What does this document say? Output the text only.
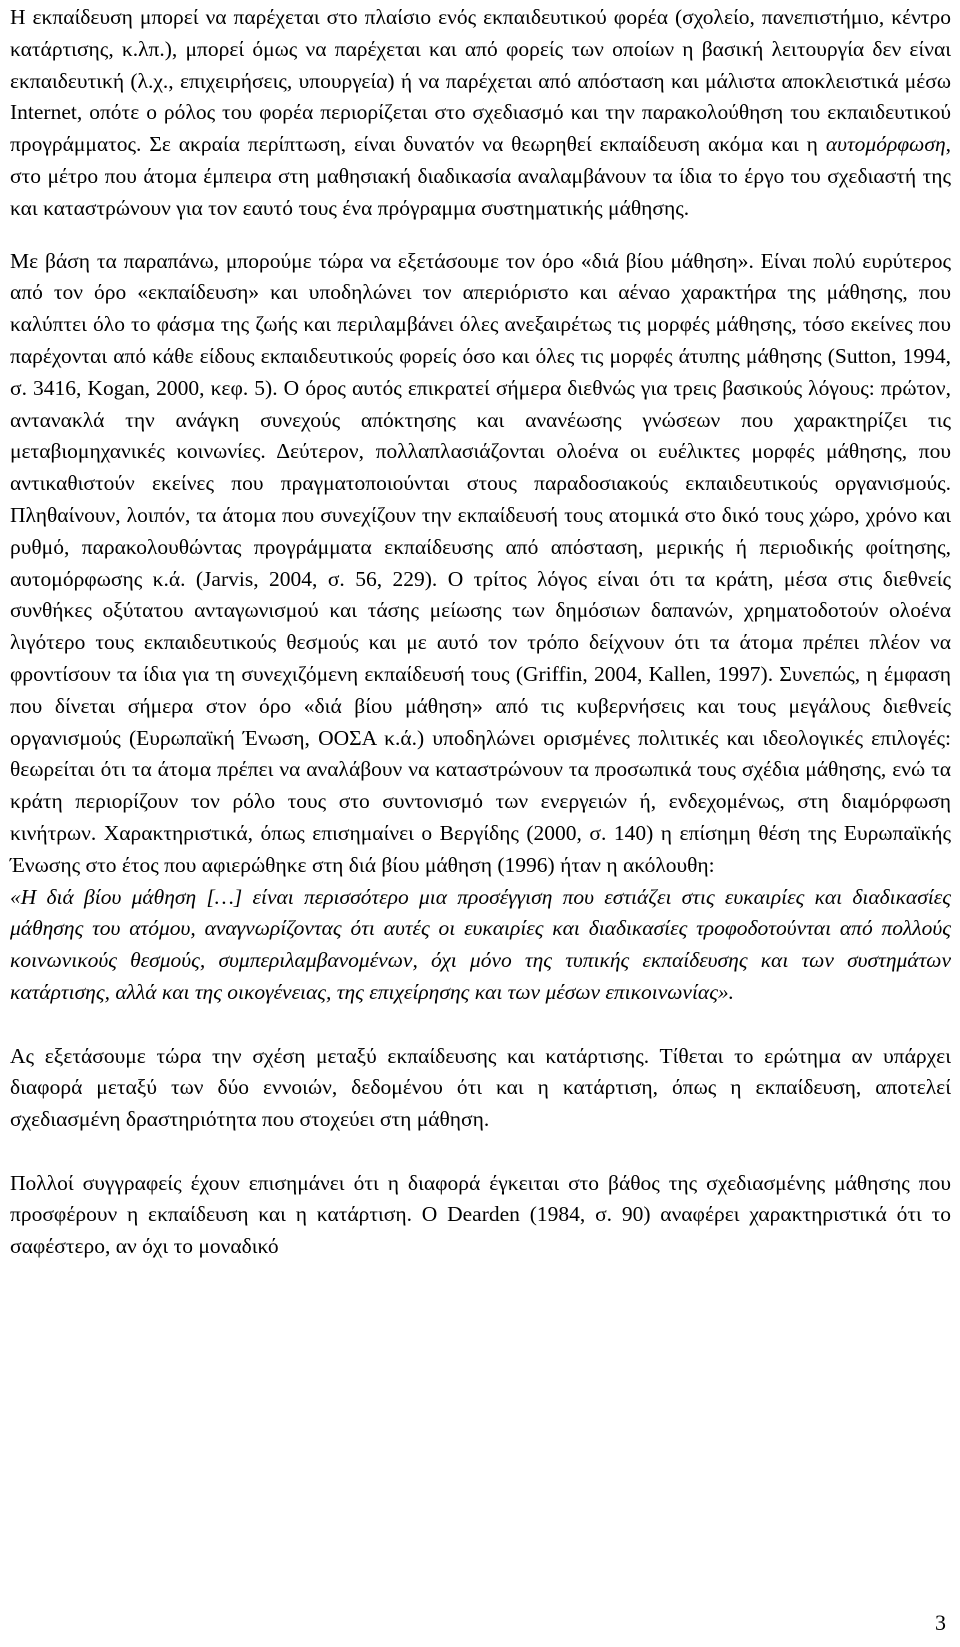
Η εκπαίδευση μπορεί να παρέχεται στο πλαίσιο ενός εκπαιδευτικού φορέα (σχολείο, πανεπιστήμιο, κέντρο κατάρτισης, κ.λπ.), μπορεί όμως να παρέχεται και από φορείς των οποίων η βασική λειτουργία δεν είναι εκπαιδευτική (λ.χ., επιχειρήσεις, υπουργεία) ή να παρέχεται από απόσταση και μάλιστα αποκλειστικά μέσω Internet, οπότε ο ρόλος του φορέα περιορίζεται στο σχεδιασμό και την παρακολούθηση του εκπαιδευτικού προγράμματος. Σε ακραία περίπτωση, είναι δυνατόν να θεωρηθεί εκπαίδευση ακόμα και η αυτομόρφωση, στο μέτρο που άτομα έμπειρα στη μαθησιακή διαδικασία αναλαμβάνουν τα ίδια το έργο του σχεδιαστή της και καταστρώνουν για τον εαυτό τους ένα πρόγραμμα συστηματικής μάθησης.

Με βάση τα παραπάνω, μπορούμε τώρα να εξετάσουμε τον όρο «διά βίου μάθηση». Είναι πολύ ευρύτερος από τον όρο «εκπαίδευση» και υποδηλώνει τον απεριόριστο και αέναο χαρακτήρα της μάθησης, που καλύπτει όλο το φάσμα της ζωής και περιλαμβάνει όλες ανεξαιρέτως τις μορφές μάθησης, τόσο εκείνες που παρέχονται από κάθε είδους εκπαιδευτικούς φορείς όσο και όλες τις μορφές άτυπης μάθησης (Sutton, 1994, σ. 3416, Kogan, 2000, κεφ. 5). Ο όρος αυτός επικρατεί σήμερα διεθνώς για τρεις βασικούς λόγους: πρώτον, αντανακλά την ανάγκη συνεχούς απόκτησης και ανανέωσης γνώσεων που χαρακτηρίζει τις μεταβιομηχανικές κοινωνίες. Δεύτερον, πολλαπλασιάζονται ολοένα οι ευέλικτες μορφές μάθησης, που αντικαθιστούν εκείνες που πραγματοποιούνται στους παραδοσιακούς εκπαιδευτικούς οργανισμούς. Πληθαίνουν, λοιπόν, τα άτομα που συνεχίζουν την εκπαίδευσή τους ατομικά στο δικό τους χώρο, χρόνο και ρυθμό, παρακολουθώντας προγράμματα εκπαίδευσης από απόσταση, μερικής ή περιοδικής φοίτησης, αυτομόρφωσης κ.ά. (Jarvis, 2004, σ. 56, 229). Ο τρίτος λόγος είναι ότι τα κράτη, μέσα στις διεθνείς συνθήκες οξύτατου ανταγωνισμού και τάσης μείωσης των δημόσιων δαπανών, χρηματοδοτούν ολοένα λιγότερο τους εκπαιδευτικούς θεσμούς και με αυτό τον τρόπο δείχνουν ότι τα άτομα πρέπει πλέον να φροντίσουν τα ίδια για τη συνεχιζόμενη εκπαίδευσή τους (Griffin, 2004, Kallen, 1997). Συνεπώς, η έμφαση που δίνεται σήμερα στον όρο «διά βίου μάθηση» από τις κυβερνήσεις και τους μεγάλους διεθνείς οργανισμούς (Ευρωπαϊκή Ένωση, ΟΟΣΑ κ.ά.) υποδηλώνει ορισμένες πολιτικές και ιδεολογικές επιλογές: θεωρείται ότι τα άτομα πρέπει να αναλάβουν να καταστρώνουν τα προσωπικά τους σχέδια μάθησης, ενώ τα κράτη περιορίζουν τον ρόλο τους στο συντονισμό των ενεργειών ή, ενδεχομένως, στη διαμόρφωση κινήτρων. Χαρακτηριστικά, όπως επισημαίνει ο Βεργίδης (2000, σ. 140) η επίσημη θέση της Ευρωπαϊκής Ένωσης στο έτος που αφιερώθηκε στη διά βίου μάθηση (1996) ήταν η ακόλουθη:

«Η διά βίου μάθηση […] είναι περισσότερο μια προσέγγιση που εστιάζει στις ευκαιρίες και διαδικασίες μάθησης του ατόμου, αναγνωρίζοντας ότι αυτές οι ευκαιρίες και διαδικασίες τροφοδοτούνται από πολλούς κοινωνικούς θεσμούς, συμπεριλαμβανομένων, όχι μόνο της τυπικής εκπαίδευσης και των συστημάτων κατάρτισης, αλλά και της οικογένειας, της επιχείρησης και των μέσων επικοινωνίας».

Ας εξετάσουμε τώρα την σχέση μεταξύ εκπαίδευσης και κατάρτισης. Τίθεται το ερώτημα αν υπάρχει διαφορά μεταξύ των δύο εννοιών, δεδομένου ότι και η κατάρτιση, όπως η εκπαίδευση, αποτελεί σχεδιασμένη δραστηριότητα που στοχεύει στη μάθηση.

Πολλοί συγγραφείς έχουν επισημάνει ότι η διαφορά έγκειται στο βάθος της σχεδιασμένης μάθησης που προσφέρουν η εκπαίδευση και η κατάρτιση. Ο Dearden (1984, σ. 90) αναφέρει χαρακτηριστικά ότι το σαφέστερο, αν όχι το μοναδικό

3
